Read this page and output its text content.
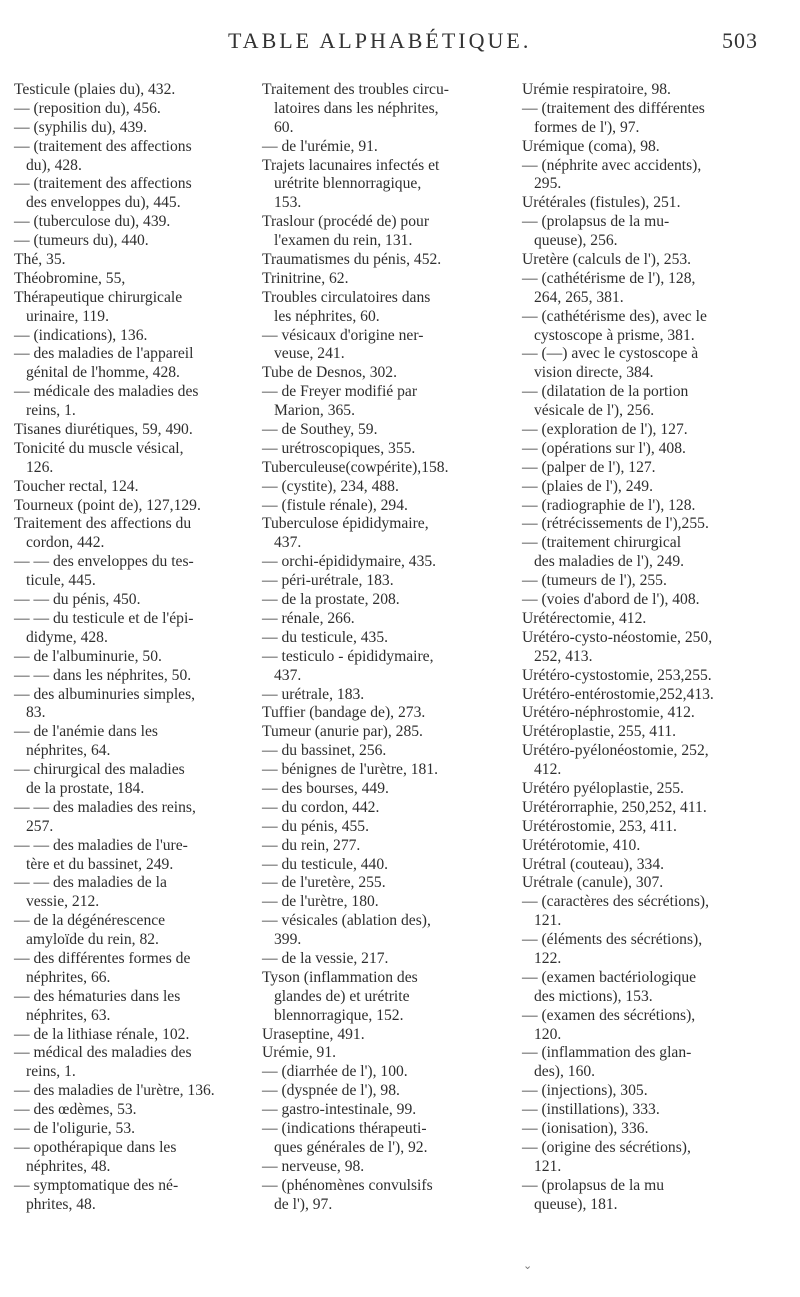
TABLE ALPHABÉTIQUE.	503
Testicule (plaies du), 432.
— (reposition du), 456.
— (syphilis du), 439.
— (traitement des affections
du), 428.
— (traitement des affections
des enveloppes du), 445.
— (tuberculose du), 439.
— (tumeurs du), 440.
Thé, 35.
Théobromine, 55,
Thérapeutique chirurgicale
urinaire, 119.
— (indications), 136.
— des maladies de l'appareil
génital de l'homme, 428.
— médicale des maladies des
reins, 1.
Tisanes diurétiques, 59, 490.
Tonicité du muscle vésical,
126.
Toucher rectal, 124.
Tourneux (point de), 127,129.
Traitement des affections du
cordon, 442.
— — des enveloppes du tes-
ticule, 445.
— — du pénis, 450.
— — du testicule et de l'épi-
didyme, 428.
— de l'albuminurie, 50.
— — dans les néphrites, 50.
— des albuminuries simples,
83.
— de l'anémie dans les
néphrites, 64.
— chirurgical des maladies
de la prostate, 184.
— — des maladies des reins,
257.
— — des maladies de l'ure-
tère et du bassinet, 249.
— — des maladies de la
vessie, 212.
— de la dégénérescence
amyloïde du rein, 82.
— des différentes formes de
néphrites, 66.
— des hématuries dans les
néphrites, 63.
— de la lithiase rénale, 102.
— médical des maladies des
reins, 1.
— des maladies de l'urètre, 136.
— des œdèmes, 53.
— de l'oligurie, 53.
— opothérapique dans les
néphrites, 48.
— symptomatique des né-
phrites, 48.
Traitement des troubles circu-
latoires dans les néphrites,
60.
— de l'urémie, 91.
Trajets lacunaires infectés et
urétrite blennorragique,
153.
Traslour (procédé de) pour
l'examen du rein, 131.
Traumatismes du pénis, 452.
Trinitrine, 62.
Troubles circulatoires dans
les néphrites, 60.
— vésicaux d'origine ner-
veuse, 241.
Tube de Desnos, 302.
— de Freyer modifié par
Marion, 365.
— de Southey, 59.
— urétroscopiques, 355.
Tuberculeuse(cowpérite),158.
— (cystite), 234, 488.
— (fistule rénale), 294.
Tuberculose épididymaire,
437.
— orchi-épididymaire, 435.
— péri-urétrale, 183.
— de la prostate, 208.
— rénale, 266.
— du testicule, 435.
— testiculo - épididymaire,
437.
— urétrale, 183.
Tuffier (bandage de), 273.
Tumeur (anurie par), 285.
— du bassinet, 256.
— bénignes de l'urètre, 181.
— des bourses, 449.
— du cordon, 442.
— du pénis, 455.
— du rein, 277.
— du testicule, 440.
— de l'uretère, 255.
— de l'urètre, 180.
— vésicales (ablation des),
399.
— de la vessie, 217.
Tyson (inflammation des
glandes de) et urétrite
blennorragique, 152.
Uraseptine, 491.
Urémie, 91.
— (diarrhée de l'), 100.
— (dyspnée de l'), 98.
— gastro-intestinale, 99.
— (indications thérapeuti-
ques générales de l'), 92.
— nerveuse, 98.
— (phénomènes convulsifs
de l'), 97.
Urémie respiratoire, 98.
— (traitement des différentes
formes de l'), 97.
Urémique (coma), 98.
— (néphrite avec accidents),
295.
Urétérales (fistules), 251.
— (prolapsus de la mu-
queuse), 256.
Uretère (calculs de l'), 253.
— (cathétérisme de l'), 128,
264, 265, 381.
— (cathétérisme des), avec le
cystoscope à prisme, 381.
— (—) avec le cystoscope à
vision directe, 384.
— (dilatation de la portion
vésicale de l'), 256.
— (exploration de l'), 127.
— (opérations sur l'), 408.
— (palper de l'), 127.
— (plaies de l'), 249.
— (radiographie de l'), 128.
— (rétrécissements de l'),255.
— (traitement chirurgical
des maladies de l'), 249.
— (tumeurs de l'), 255.
— (voies d'abord de l'), 408.
Urétérectomie, 412.
Urétéro-cysto-néostomie, 250,
252, 413.
Urétéro-cystostomie, 253,255.
Urétéro-entérostomie,252,413.
Urétéro-néphrostomie, 412.
Urétéroplastie, 255, 411.
Urétéro-pyélonéostomie, 252,
412.
Urétéro pyéloplastie, 255.
Urétérorraphie, 250,252, 411.
Urétérostomie, 253, 411.
Urétérotomie, 410.
Urétral (couteau), 334.
Urétrale (canule), 307.
— (caractères des sécrétions),
121.
— (éléments des sécrétions),
122.
— (examen bactériologique
des mictions), 153.
— (examen des sécrétions),
120.
— (inflammation des glan-
des), 160.
— (injections), 305.
— (instillations), 333.
— (ionisation), 336.
— (origine des sécrétions),
121.
— (prolapsus de la mu
queuse), 181.
⌄
